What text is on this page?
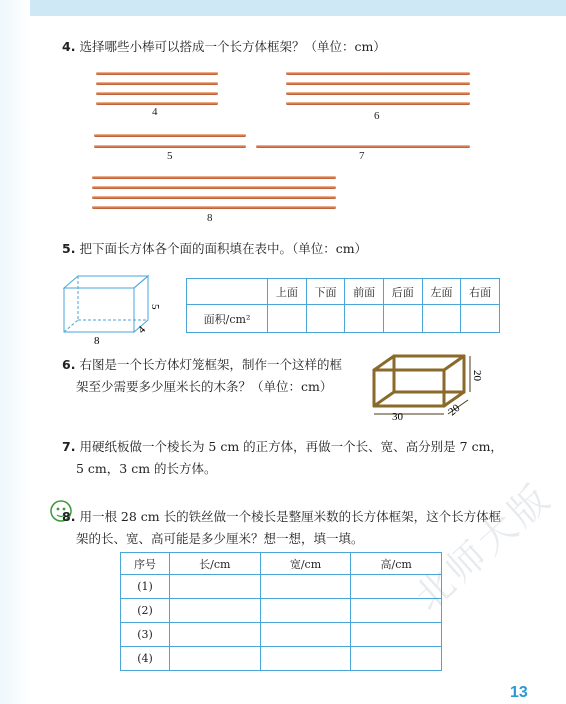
4. 选择哪些小棒可以搭成一个长方体框架？（单位：cm）
4	6
5	7
8
5. 把下面长方体各个面的面积填在表中。（单位：cm）
8
5
4
	上面	下面	前面	后面	左面	右面
面积/cm²						
6. 右图是一个长方体灯笼框架，制作一个这样的框
架至少需要多少厘米长的木条？（单位：cm）
30
20
20
7. 用硬纸板做一个棱长为 5 cm 的正方体，再做一个长、宽、高分别是 7 cm，
5 cm，3 cm 的长方体。
8. 用一根 28 cm 长的铁丝做一个棱长是整厘米数的长方体框架，这个长方体框
架的长、宽、高可能是多少厘米？想一想，填一填。
序号	长/cm	宽/cm	高/cm
(1)			
(2)			
(3)			
(4)			
北师大版
13
